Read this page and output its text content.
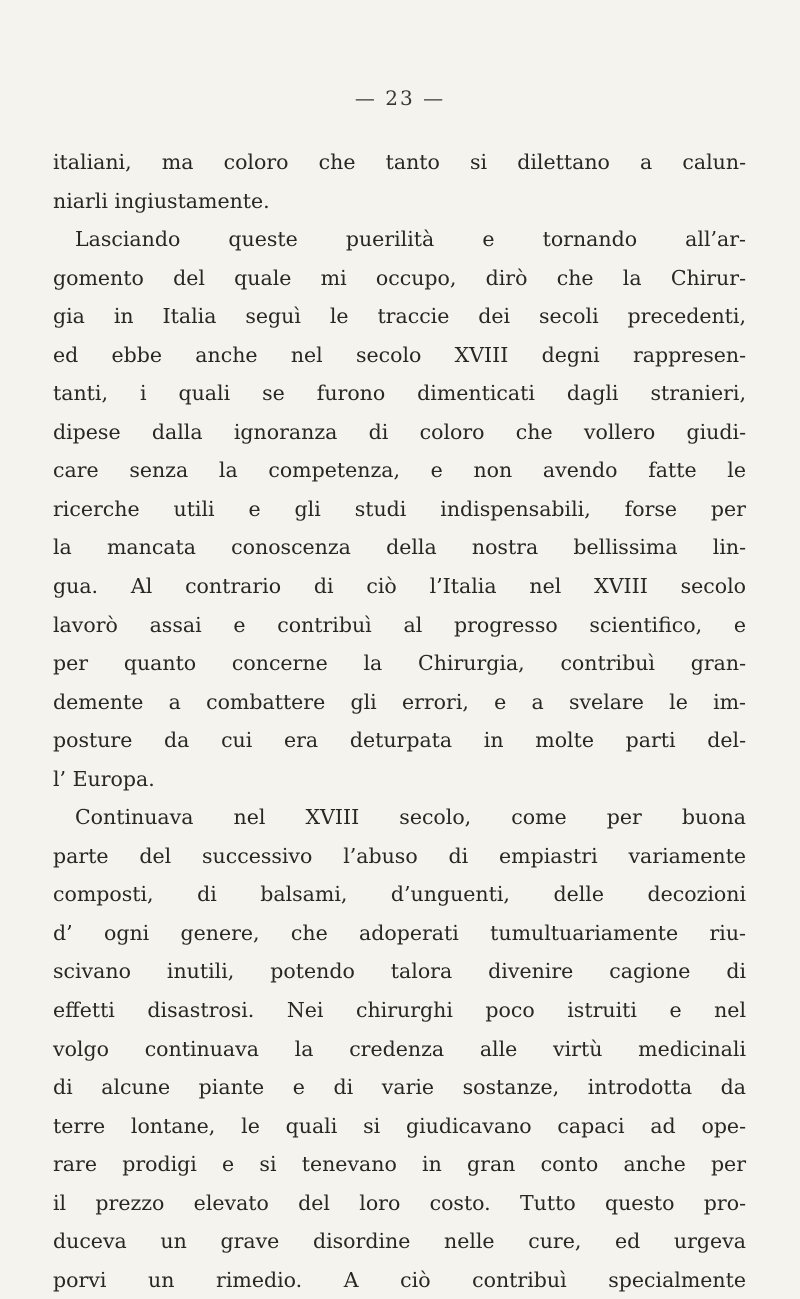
— 23 —
italiani, ma coloro che tanto si dilettano a calun-
niarli ingiustamente.
Lasciando queste puerilità e tornando all’ar-
gomento del quale mi occupo, dirò che la Chirur-
gia in Italia seguì le traccie dei secoli precedenti,
ed ebbe anche nel secolo XVIII degni rappresen-
tanti, i quali se furono dimenticati dagli stranieri,
dipese dalla ignoranza di coloro che vollero giudi-
care senza la competenza, e non avendo fatte le
ricerche utili e gli studi indispensabili, forse per
la mancata conoscenza della nostra bellissima lin-
gua. Al contrario di ciò l’Italia nel XVIII secolo
lavorò assai e contribuì al progresso scientifico, e
per quanto concerne la Chirurgia, contribuì gran-
demente a combattere gli errori, e a svelare le im-
posture da cui era deturpata in molte parti del-
l’ Europa.
Continuava nel XVIII secolo, come per buona
parte del successivo l’abuso di empiastri variamente
composti, di balsami, d’unguenti, delle decozioni
d’ ogni genere, che adoperati tumultuariamente riu-
scivano inutili, potendo talora divenire cagione di
effetti disastrosi. Nei chirurghi poco istruiti e nel
volgo continuava la credenza alle virtù medicinali
di alcune piante e di varie sostanze, introdotta da
terre lontane, le quali si giudicavano capaci ad ope-
rare prodigi e si tenevano in gran conto anche per
il prezzo elevato del loro costo. Tutto questo pro-
duceva un grave disordine nelle cure, ed urgeva
porvi un rimedio. A ciò contribuì specialmente
